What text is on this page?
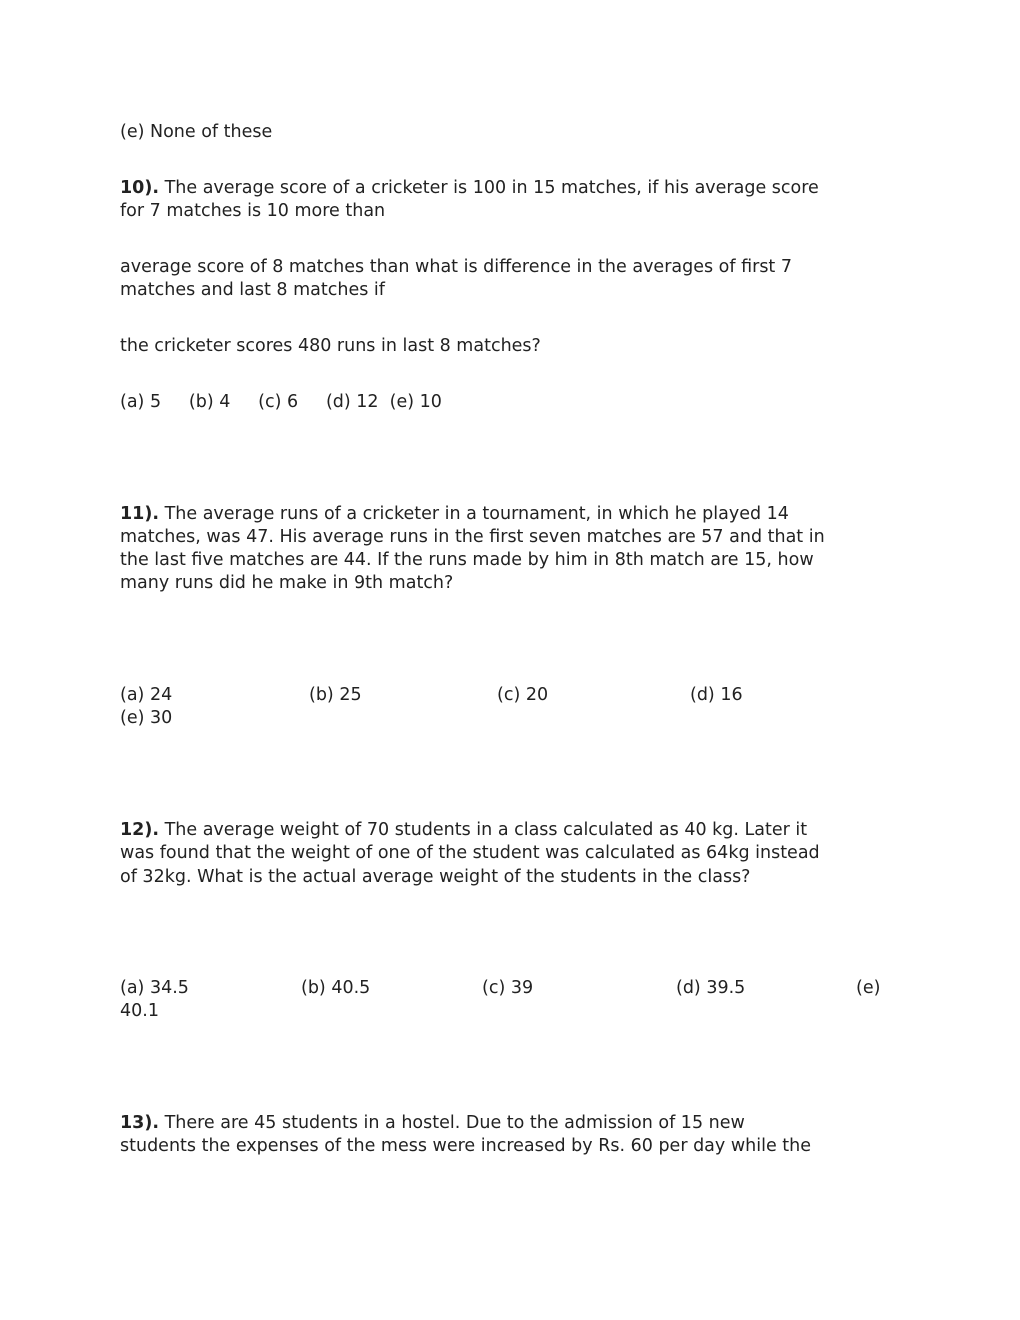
(e) None of these
10). The average score of a cricketer is 100 in 15 matches, if his average score
for 7 matches is 10 more than
average score of 8 matches than what is difference in the averages of first 7
matches and last 8 matches if
the cricketer scores 480 runs in last 8 matches?
(a) 5     (b) 4     (c) 6     (d) 12  (e) 10
11). The average runs of a cricketer in a tournament, in which he played 14
matches, was 47. His average runs in the first seven matches are 57 and that in
the last five matches are 44. If the runs made by him in 8th match are 15, how
many runs did he make in 9th match?
(a) 24	(b) 25	(c) 20	(d) 16
(e) 30
12). The average weight of 70 students in a class calculated as 40 kg. Later it
was found that the weight of one of the student was calculated as 64kg instead
of 32kg. What is the actual average weight of the students in the class?
(a) 34.5	(b) 40.5	(c) 39	(d) 39.5	(e)
40.1
13). There are 45 students in a hostel. Due to the admission of 15 new
students the expenses of the mess were increased by Rs. 60 per day while the
